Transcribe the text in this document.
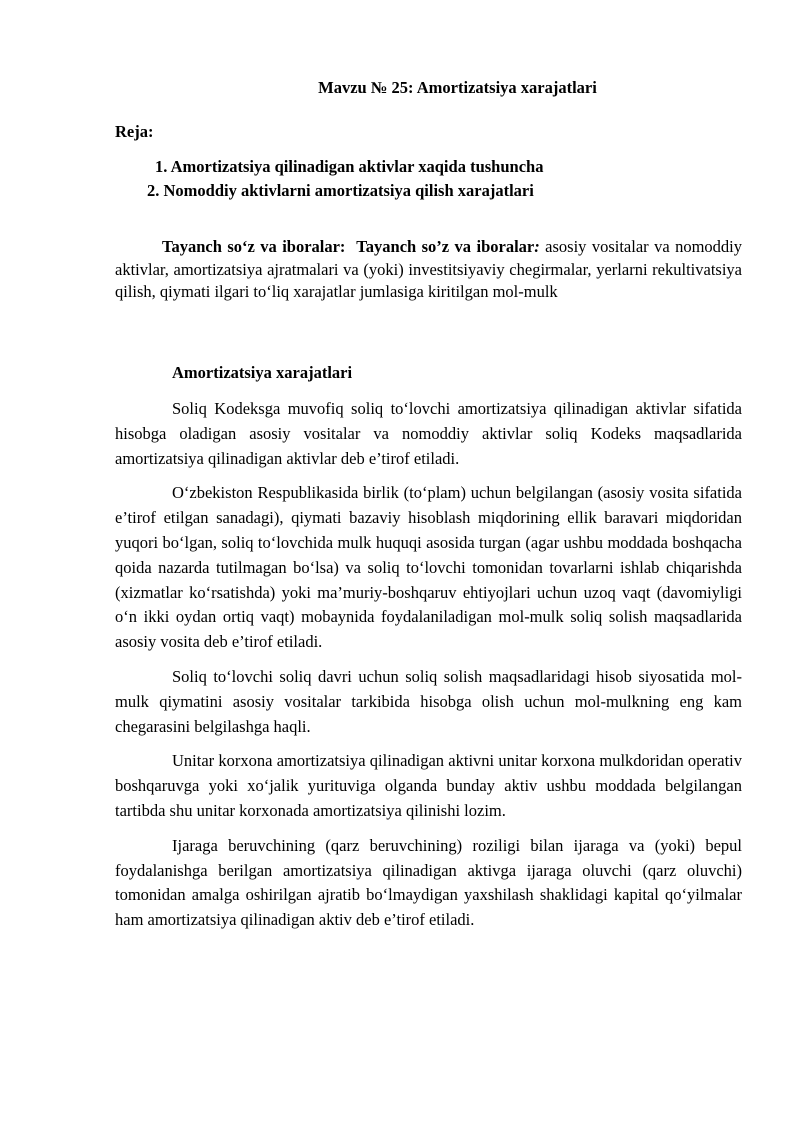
Mavzu № 25: Amortizatsiya xarajatlari
Reja:
1. Amortizatsiya qilinadigan aktivlar xaqida tushuncha
2. Nomoddiy aktivlarni amortizatsiya qilish xarajatlari

Tayanch so‘z va iboralar: Tayanch so’z va iboralar: asosiy vositalar va nomoddiy aktivlar, amortizatsiya ajratmalari va (yoki) investitsiyaviy chegirmalar, yerlarni rekultivatsiya qilish, qiymati ilgari to‘liq xarajatlar jumlasiga kiritilgan mol-mulk

Amortizatsiya xarajatlari

Soliq Kodeksga muvofiq soliq to‘lovchi amortizatsiya qilinadigan aktivlar sifatida hisobga oladigan asosiy vositalar va nomoddiy aktivlar soliq Kodeks maqsadlarida amortizatsiya qilinadigan aktivlar deb e’tirof etiladi.

O‘zbekiston Respublikasida birlik (to‘plam) uchun belgilangan (asosiy vosita sifatida e’tirof etilgan sanadagi), qiymati bazaviy hisoblash miqdorining ellik baravari miqdoridan yuqori bo‘lgan, soliq to‘lovchida mulk huquqi asosida turgan (agar ushbu moddada boshqacha qoida nazarda tutilmagan bo‘lsa) va soliq to‘lovchi tomonidan tovarlarni ishlab chiqarishda (xizmatlar ko‘rsatishda) yoki ma’muriy-boshqaruv ehtiyojlari uchun uzoq vaqt (davomiyligi o‘n ikki oydan ortiq vaqt) mobaynida foydalaniladigan mol-mulk soliq solish maqsadlarida asosiy vosita deb e’tirof etiladi.

Soliq to‘lovchi soliq davri uchun soliq solish maqsadlaridagi hisob siyosatida mol-mulk qiymatini asosiy vositalar tarkibida hisobga olish uchun mol-mulkning eng kam chegarasini belgilashga haqli.

Unitar korxona amortizatsiya qilinadigan aktivni unitar korxona mulkdoridan operativ boshqaruvga yoki xo‘jalik yurituviga olganda bunday aktiv ushbu moddada belgilangan tartibda shu unitar korxonada amortizatsiya qilinishi lozim.

Ijaraga beruvchining (qarz beruvchining) roziligi bilan ijaraga va (yoki) bepul foydalanishga berilgan amortizatsiya qilinadigan aktivga ijaraga oluvchi (qarz oluvchi) tomonidan amalga oshirilgan ajratib bo‘lmaydigan yaxshilash shaklidagi kapital qo‘yilmalar ham amortizatsiya qilinadigan aktiv deb e’tirof etiladi.
